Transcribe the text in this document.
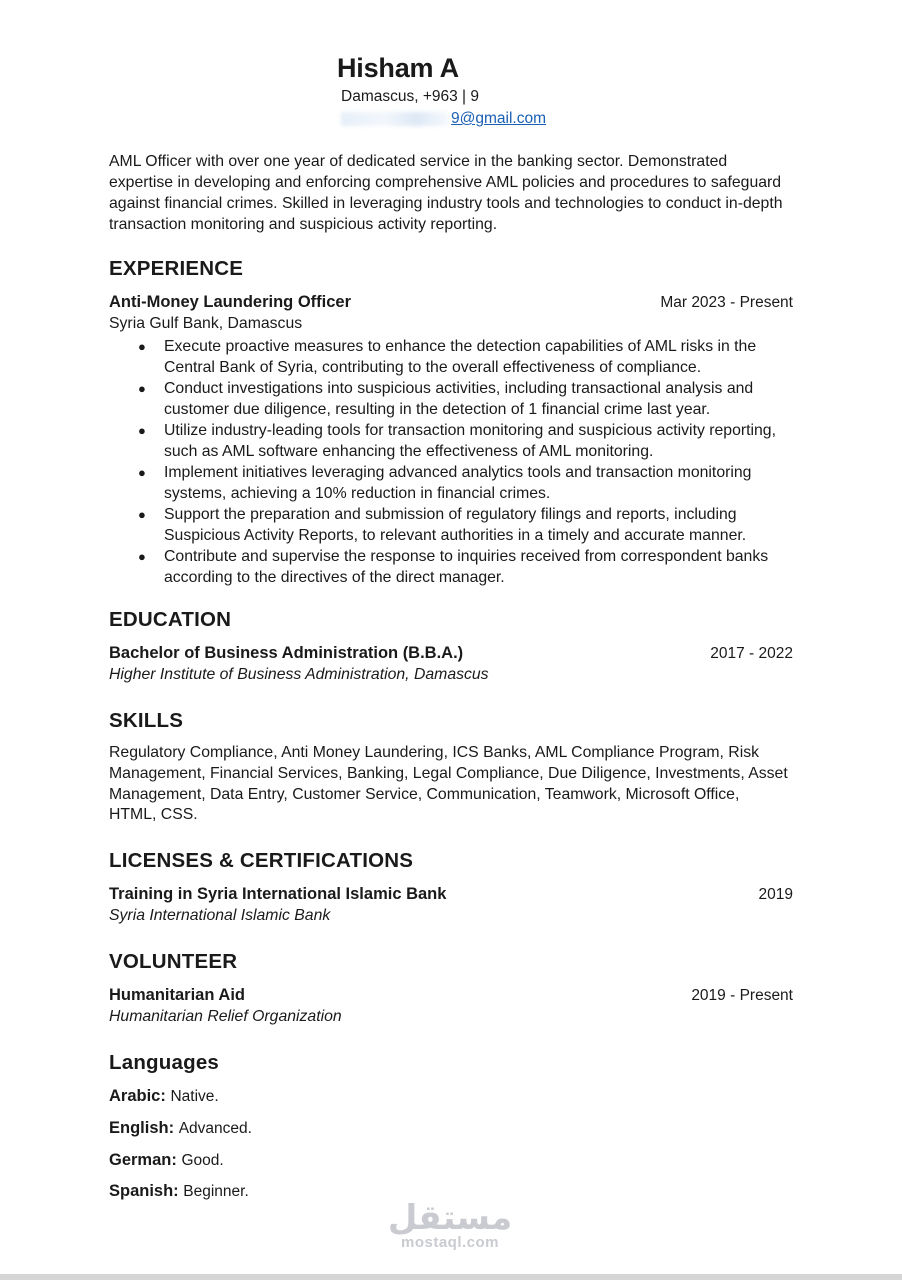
Hisham A
Damascus, +963 | 9
9@gmail.com
AML Officer with over one year of dedicated service in the banking sector. Demonstrated expertise in developing and enforcing comprehensive AML policies and procedures to safeguard against financial crimes. Skilled in leveraging industry tools and technologies to conduct in-depth transaction monitoring and suspicious activity reporting.
EXPERIENCE
Anti-Money Laundering Officer	Mar 2023 - Present
Syria Gulf Bank, Damascus
● Execute proactive measures to enhance the detection capabilities of AML risks in the Central Bank of Syria, contributing to the overall effectiveness of compliance.
● Conduct investigations into suspicious activities, including transactional analysis and customer due diligence, resulting in the detection of 1 financial crime last year.
● Utilize industry-leading tools for transaction monitoring and suspicious activity reporting, such as AML software enhancing the effectiveness of AML monitoring.
● Implement initiatives leveraging advanced analytics tools and transaction monitoring systems, achieving a 10% reduction in financial crimes.
● Support the preparation and submission of regulatory filings and reports, including Suspicious Activity Reports, to relevant authorities in a timely and accurate manner.
● Contribute and supervise the response to inquiries received from correspondent banks according to the directives of the direct manager.
EDUCATION
Bachelor of Business Administration (B.B.A.)	2017 - 2022
Higher Institute of Business Administration, Damascus
SKILLS
Regulatory Compliance, Anti Money Laundering, ICS Banks, AML Compliance Program, Risk Management, Financial Services, Banking, Legal Compliance, Due Diligence, Investments, Asset Management, Data Entry, Customer Service, Communication, Teamwork, Microsoft Office, HTML, CSS.
LICENSES & CERTIFICATIONS
Training in Syria International Islamic Bank	2019
Syria International Islamic Bank
VOLUNTEER
Humanitarian Aid	2019 - Present
Humanitarian Relief Organization
Languages
Arabic: Native.
English: Advanced.
German: Good.
Spanish: Beginner.
مستقل
mostaql.com
